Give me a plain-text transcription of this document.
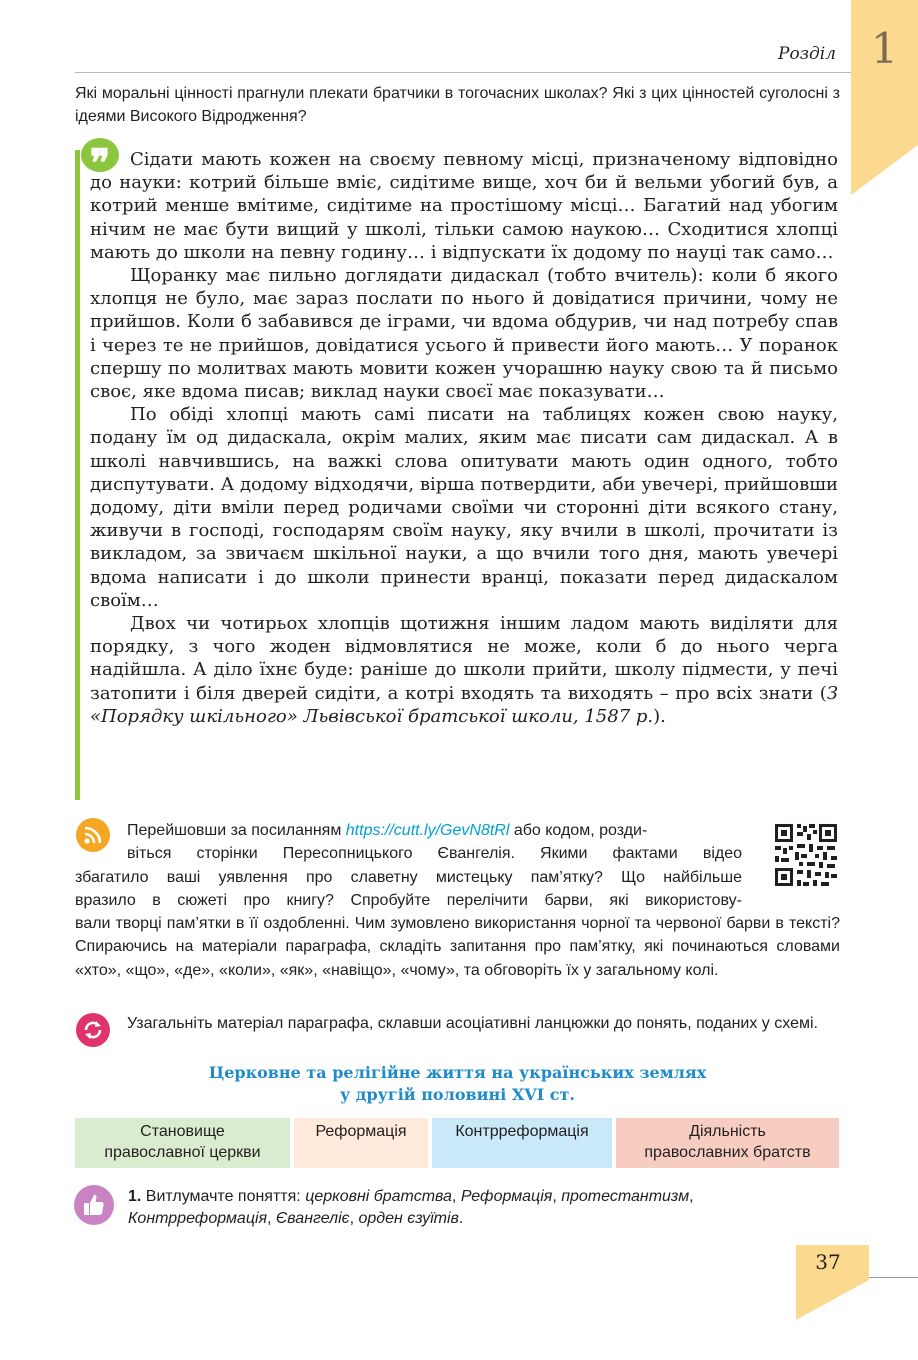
1
Розділ
Які моральні цінності прагнули плекати братчики в тогочасних школах? Які з цих цінностей суголосні з ідеями Високого Відродження?
❞	Сідати мають кожен на своєму певному місці, призначеному відповідно до науки: котрий більше вміє, сидітиме вище, хоч би й вельми убогий був, а котрий менше вмітиме, сидітиме на простішому місці… Багатий над убогим нічим не має бути вищий у школі, тільки самою наукою… Сходитися хлопці мають до школи на певну годину… і відпускати їх додому по науці так само…

Щоранку має пильно доглядати дидаскал (тобто вчитель): коли б якого хлопця не було, має зараз послати по нього й довідатися причини, чому не прийшов. Коли б забавився де іграми, чи вдома обдурив, чи над потребу спав і через те не прийшов, довідатися усього й привести його мають… У поранок спершу по молитвах мають мовити кожен учорашню науку свою та й письмо своє, яке вдома писав; виклад науки своєї має показувати…

По обіді хлопці мають самі писати на таблицях кожен свою науку, подану їм од дидаскала, окрім малих, яким має писати сам дидаскал. А в школі навчившись, на важкі слова опитувати мають один одного, тобто диспутувати. А додому відходячи, вірша потвердити, аби увечері, прийшовши додому, діти вміли перед родичами своїми чи сторонні діти всякого стану, живучи в господі, господарям своїм науку, яку вчили в школі, прочитати із викладом, за звичаєм шкільної науки, а що вчили того дня, мають увечері вдома написати і до школи принести вранці, показати перед дидаскалом своїм…

Двох чи чотирьох хлопців щотижня іншим ладом мають виділяти для порядку, з чого жоден відмовлятися не може, коли б до нього черга надійшла. А діло їхнє буде: раніше до школи прийти, школу підмести, у печі затопити і біля дверей сидіти, а котрі входять та виходять – про всіх знати (З «Порядку шкільного» Львівської братської школи, 1587 р.).

Перейшовши за посиланням https://cutt.ly/GevN8tRl або кодом, розди-
віться сторінки Пересопницького Євангелія. Якими фактами відео
збагатило ваші уявлення про славетну мистецьку пам’ятку? Що найбільше
вразило в сюжеті про книгу? Спробуйте перелічити барви, які використову-
вали творці пам’ятки в її оздобленні. Чим зумовлено використання чорної та червоної барви в тексті? Спираючись на матеріали параграфа, складіть запитання про пам’ятку, які починаються словами «хто», «що», «де», «коли», «як», «навіщо», «чому», та обговоріть їх у загальному колі.
Узагальніть матеріал параграфа, склавши асоціативні ланцюжки до понять, поданих у схемі.
Церковне та релігійне життя на українських землях
у другій половині XVI ст.
Становище
православної церкви
Реформація	Контрреформація	Діяльність
православних братств
1. Витлумачте поняття: церковні братства, Реформація, протестантизм, Контрреформація, Євангеліє, орден єзуїтів.
37
